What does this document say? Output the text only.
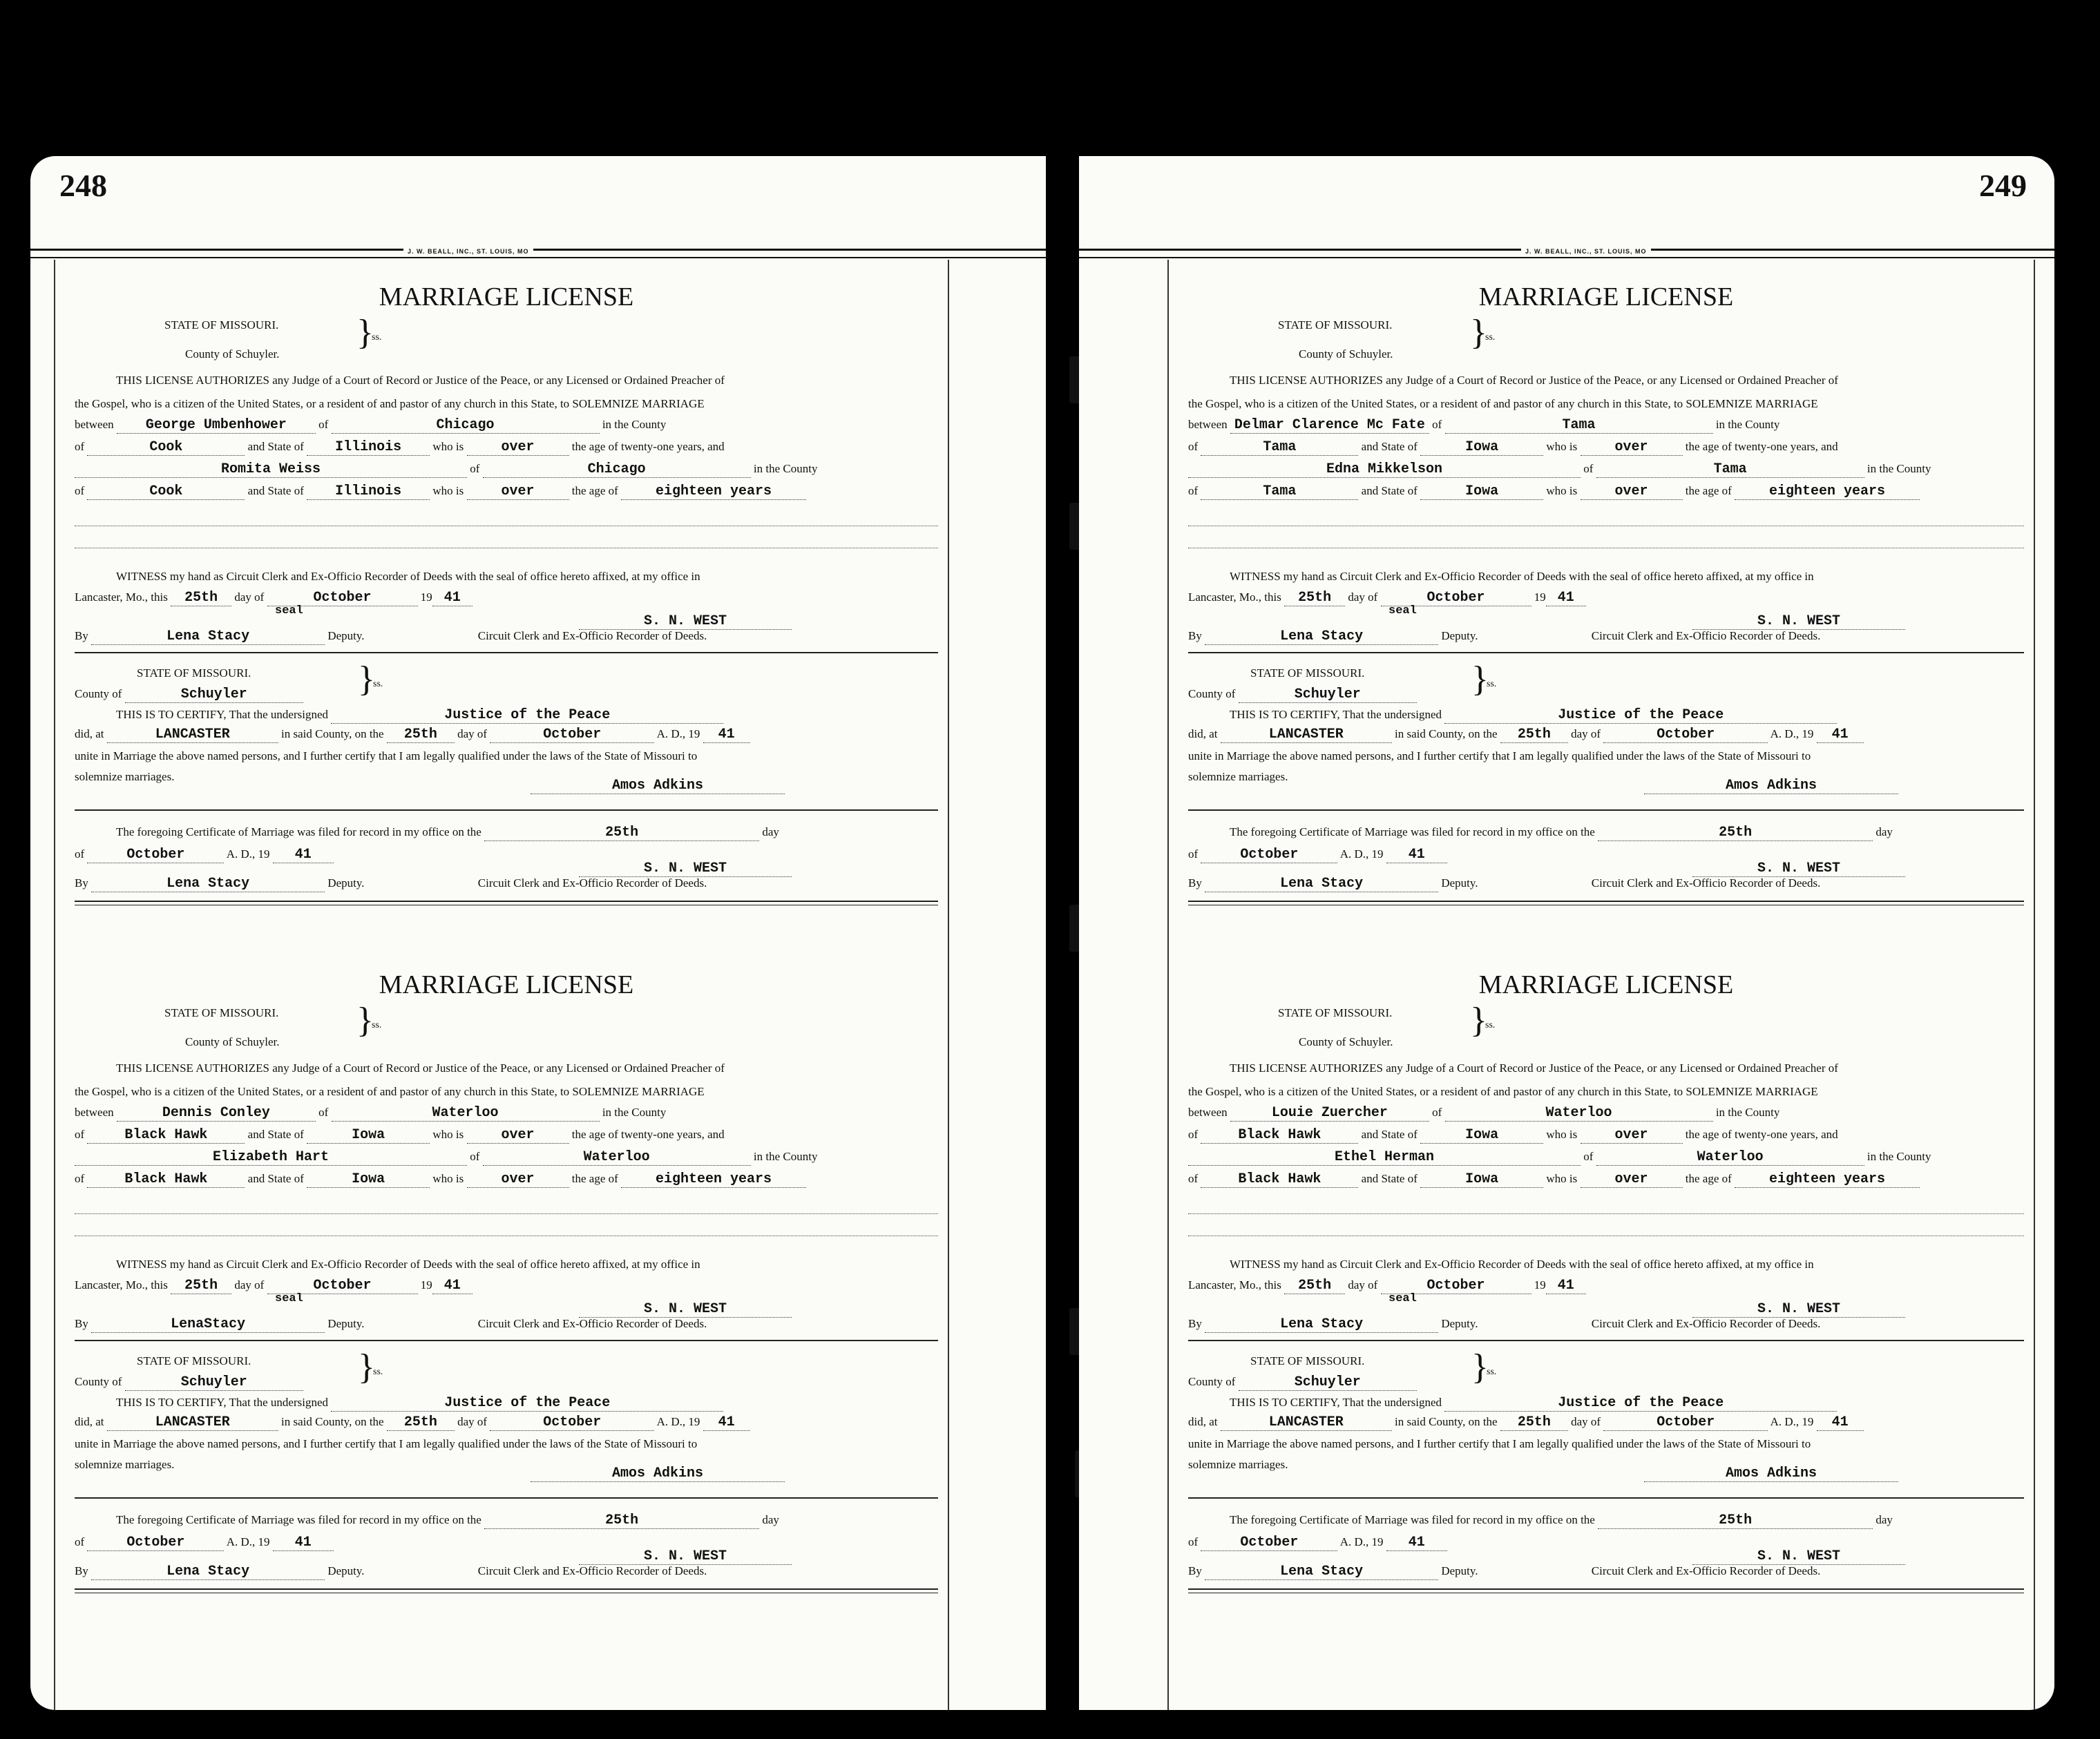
248
J. W. BEALL, INC., ST. LOUIS, MO
MARRIAGE LICENSE
STATE OF MISSOURI.	}
ss.
County of Schuyler.
THIS LICENSE AUTHORIZES any Judge of a Court of Record or Justice of the Peace, or any Licensed or Ordained Preacher of
the Gospel, who is a citizen of the United States, or a resident of and pastor of any church in this State, to SOLEMNIZE MARRIAGE
between George Umbenhower of	Chicago	in the County
of	Cook	and State of Illinois who is over	the age of twenty-one years, and
Romita Weiss	of	Chicago	in the County
of	Cook	and State of Illinois who is over	the age of eighteen years
WITNESS my hand as Circuit Clerk and Ex-Officio Recorder of Deeds with the seal of office hereto affixed, at my office in
Lancaster, Mo., this 25th day of	October	19 41
seal
S. N. WEST
By	Lena Stacy	Deputy.	Circuit Clerk and Ex-Officio Recorder of Deeds.
STATE OF MISSOURI.	}
ss.
County of	Schuyler
THIS IS TO CERTIFY, That the undersigned	Justice of the Peace
did, at	LANCASTER	in said County, on the 25th day of	October	A. D., 19 41
unite in Marriage the above named persons, and I further certify that I am legally qualified under the laws of the State of Missouri to
solemnize marriages.
Amos Adkins
The foregoing Certificate of Marriage was filed for record in my office on the	25th	day
of	October	A. D., 19 41
S. N. WEST
By	Lena Stacy	Deputy.	Circuit Clerk and Ex-Officio Recorder of Deeds.
MARRIAGE LICENSE
STATE OF MISSOURI.	}
ss.
County of Schuyler.
THIS LICENSE AUTHORIZES any Judge of a Court of Record or Justice of the Peace, or any Licensed or Ordained Preacher of
the Gospel, who is a citizen of the United States, or a resident of and pastor of any church in this State, to SOLEMNIZE MARRIAGE
between	Dennis Conley	of	Waterloo	in the County
of	Black Hawk	and State of	Iowa	who is over	the age of twenty-one years, and
Elizabeth Hart	of	Waterloo	in the County
of	Black Hawk	and State of	Iowa	who is over	the age of eighteen years
WITNESS my hand as Circuit Clerk and Ex-Officio Recorder of Deeds with the seal of office hereto affixed, at my office in
Lancaster, Mo., this 25th day of	October	19 41
seal
S. N. WEST
By	LenaStacy	Deputy.	Circuit Clerk and Ex-Officio Recorder of Deeds.
STATE OF MISSOURI.	}
ss.
County of	Schuyler
THIS IS TO CERTIFY, That the undersigned	Justice of the Peace
did, at	LANCASTER	in said County, on the 25th day of	October	A. D., 19 41
unite in Marriage the above named persons, and I further certify that I am legally qualified under the laws of the State of Missouri to
solemnize marriages.
Amos Adkins
The foregoing Certificate of Marriage was filed for record in my office on the	25th	day
of	October	A. D., 19 41
S. N. WEST
By	Lena Stacy	Deputy.	Circuit Clerk and Ex-Officio Recorder of Deeds.
249
J. W. BEALL, INC., ST. LOUIS, MO
MARRIAGE LICENSE
STATE OF MISSOURI.	}
ss.
County of Schuyler.
THIS LICENSE AUTHORIZES any Judge of a Court of Record or Justice of the Peace, or any Licensed or Ordained Preacher of
the Gospel, who is a citizen of the United States, or a resident of and pastor of any church in this State, to SOLEMNIZE MARRIAGE
between Delmar Clarence Mc Fate of	Tama	in the County
of	Tama	and State of	Iowa	who is over	the age of twenty-one years, and
Edna Mikkelson	of	Tama	in the County
of	Tama	and State of	Iowa	who is over	the age of eighteen years
WITNESS my hand as Circuit Clerk and Ex-Officio Recorder of Deeds with the seal of office hereto affixed, at my office in
Lancaster, Mo., this 25th day of	October	19 41
seal
S. N. WEST
By	Lena Stacy	Deputy.	Circuit Clerk and Ex-Officio Recorder of Deeds.
STATE OF MISSOURI.	}
ss.
County of	Schuyler
THIS IS TO CERTIFY, That the undersigned	Justice of the Peace
did, at	LANCASTER	in said County, on the 25th day of	October	A. D., 19 41
unite in Marriage the above named persons, and I further certify that I am legally qualified under the laws of the State of Missouri to
solemnize marriages.
Amos Adkins
The foregoing Certificate of Marriage was filed for record in my office on the	25th	day
of	October	A. D., 19 41
S. N. WEST
By	Lena Stacy	Deputy.	Circuit Clerk and Ex-Officio Recorder of Deeds.
MARRIAGE LICENSE
STATE OF MISSOURI.	}
ss.
County of Schuyler.
THIS LICENSE AUTHORIZES any Judge of a Court of Record or Justice of the Peace, or any Licensed or Ordained Preacher of
the Gospel, who is a citizen of the United States, or a resident of and pastor of any church in this State, to SOLEMNIZE MARRIAGE
between	Louie Zuercher	of	Waterloo	in the County
of	Black Hawk	and State of	Iowa	who is over	the age of twenty-one years, and
Ethel Herman	of	Waterloo	in the County
of	Black Hawk	and State of	Iowa	who is over	the age of eighteen years
WITNESS my hand as Circuit Clerk and Ex-Officio Recorder of Deeds with the seal of office hereto affixed, at my office in
Lancaster, Mo., this 25th day of	October	19 41
seal
S. N. WEST
By	Lena Stacy	Deputy.	Circuit Clerk and Ex-Officio Recorder of Deeds.
STATE OF MISSOURI.	}
ss.
County of	Schuyler
THIS IS TO CERTIFY, That the undersigned	Justice of the Peace
did, at	LANCASTER	in said County, on the 25th day of	October	A. D., 19 41
unite in Marriage the above named persons, and I further certify that I am legally qualified under the laws of the State of Missouri to
solemnize marriages.
Amos Adkins
The foregoing Certificate of Marriage was filed for record in my office on the	25th	day
of	October	A. D., 19 41
S. N. WEST
By	Lena Stacy	Deputy.	Circuit Clerk and Ex-Officio Recorder of Deeds.
